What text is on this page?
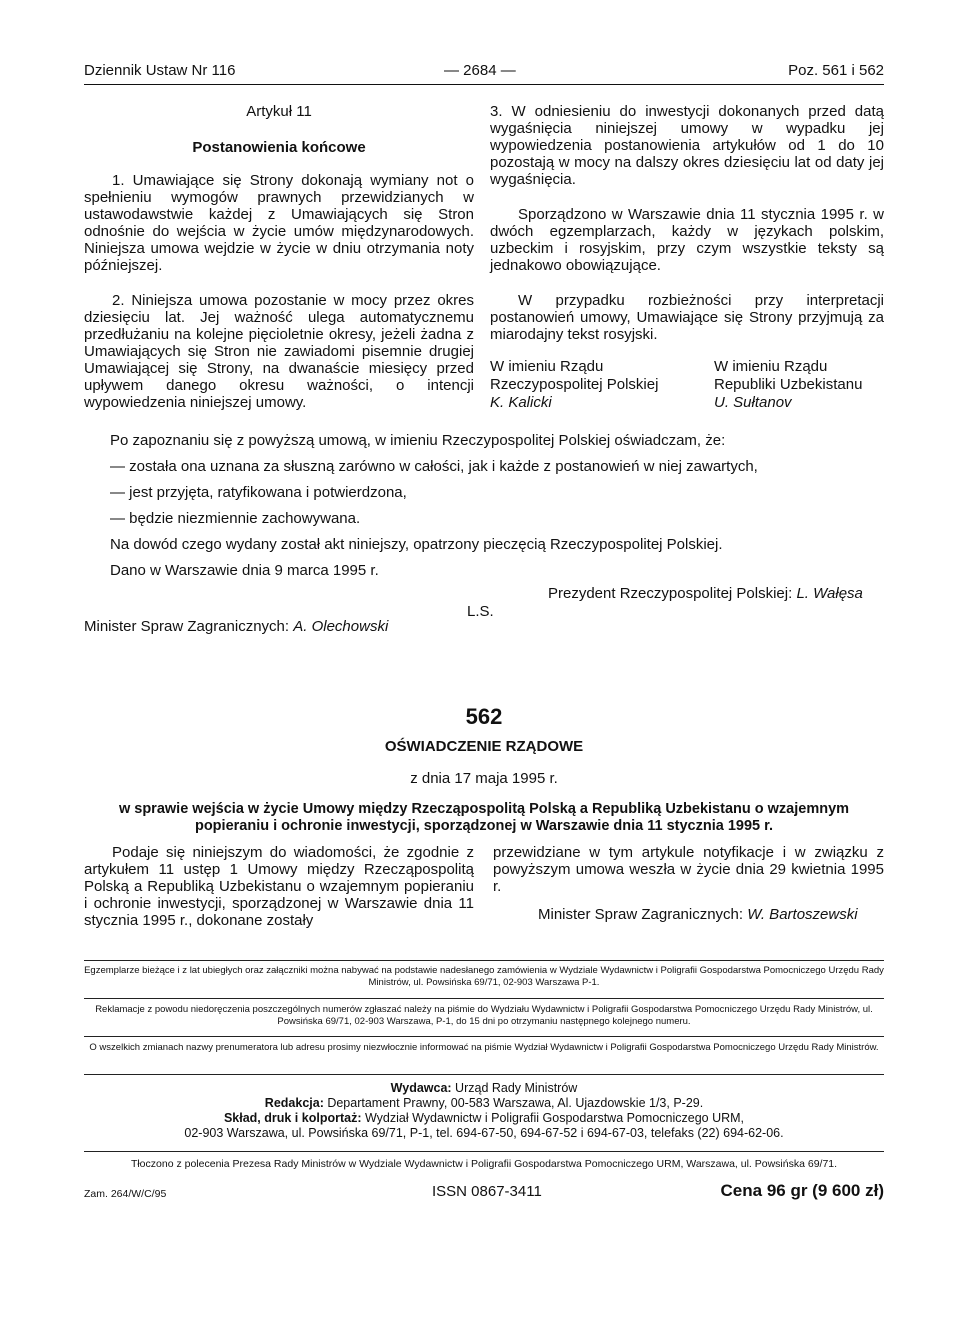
Dziennik Ustaw Nr 116	— 2684 —	Poz. 561 i 562

Artykuł 11

Postanowienia końcowe

1. Umawiające się Strony dokonają wymiany not o spełnieniu wymogów prawnych przewidzianych w ustawodawstwie każdej z Umawiających się Stron odnośnie do wejścia w życie umów międzynarodowych. Niniejsza umowa wejdzie w życie w dniu otrzymania noty późniejszej.

2. Niniejsza umowa pozostanie w mocy przez okres dziesięciu lat. Jej ważność ulega automatycznemu przedłużaniu na kolejne pięcioletnie okresy, jeżeli żadna z Umawiających się Stron nie zawiadomi pisemnie drugiej Umawiającej się Strony, na dwanaście miesięcy przed upływem danego okresu ważności, o intencji wypowiedzenia niniejszej umowy.

3. W odniesieniu do inwestycji dokonanych przed datą wygaśnięcia niniejszej umowy w wypadku jej wypowiedzenia postanowienia artykułów od 1 do 10 pozostają w mocy na dalszy okres dziesięciu lat od daty jej wygaśnięcia.

Sporządzono w Warszawie dnia 11 stycznia 1995 r. w dwóch egzemplarzach, każdy w językach polskim, uzbeckim i rosyjskim, przy czym wszystkie teksty są jednakowo obowiązujące.

W przypadku rozbieżności przy interpretacji postanowień umowy, Umawiające się Strony przyjmują za miarodajny tekst rosyjski.

W imieniu Rządu
Rzeczypospolitej Polskiej
K. Kalicki
W imieniu Rządu
Republiki Uzbekistanu
U. Sułtanov
Po zapoznaniu się z powyższą umową, w imieniu Rzeczypospolitej Polskiej oświadczam, że:
— została ona uznana za słuszną zarówno w całości, jak i każde z postanowień w niej zawartych,
— jest przyjęta, ratyfikowana i potwierdzona,
— będzie niezmiennie zachowywana.
Na dowód czego wydany został akt niniejszy, opatrzony pieczęcią Rzeczypospolitej Polskiej.
Dano w Warszawie dnia 9 marca 1995 r.
Prezydent Rzeczypospolitej Polskiej: L. Wałęsa
L.S.
Minister Spraw Zagranicznych: A. Olechowski
562
OŚWIADCZENIE RZĄDOWE
z dnia 17 maja 1995 r.
w sprawie wejścia w życie Umowy między Rzecząpospolitą Polską a Republiką Uzbekistanu o wzajemnym
popieraniu i ochronie inwestycji, sporządzonej w Warszawie dnia 11 stycznia 1995 r.

Podaje się niniejszym do wiadomości, że zgodnie z artykułem 11 ustęp 1 Umowy między Rzecząpospolitą Polską a Republiką Uzbekistanu o wzajemnym popieraniu i ochronie inwestycji, sporządzonej w Warszawie dnia 11 stycznia 1995 r., dokonane zostały

przewidziane w tym artykule notyfikacje i w związku z powyższym umowa weszła w życie dnia 29 kwietnia 1995 r.

Minister Spraw Zagranicznych: W. Bartoszewski
Egzemplarze bieżące i z lat ubiegłych oraz załączniki można nabywać na podstawie nadesłanego zamówienia w Wydziale Wydawnictw i Poligrafii Gospodarstwa Pomocniczego Urzędu Rady Ministrów, ul. Powsińska 69/71, 02-903 Warszawa P-1.
Reklamacje z powodu niedoręczenia poszczególnych numerów zgłaszać należy na piśmie do Wydziału Wydawnictw i Poligrafii Gospodarstwa Pomocniczego Urzędu Rady Ministrów, ul. Powsińska 69/71, 02-903 Warszawa, P-1, do 15 dni po otrzymaniu następnego kolejnego numeru.
O wszelkich zmianach nazwy prenumeratora lub adresu prosimy niezwłocznie informować na piśmie Wydział Wydawnictw i Poligrafii Gospodarstwa Pomocniczego Urzędu Rady Ministrów.
Wydawca: Urząd Rady Ministrów
Redakcja: Departament Prawny, 00-583 Warszawa, Al. Ujazdowskie 1/3, P-29.
Skład, druk i kolportaż: Wydział Wydawnictw i Poligrafii Gospodarstwa Pomocniczego URM,
02-903 Warszawa, ul. Powsińska 69/71, P-1, tel. 694-67-50, 694-67-52 i 694-67-03, telefaks (22) 694-62-06.
Tłoczono z polecenia Prezesa Rady Ministrów w Wydziale Wydawnictw i Poligrafii Gospodarstwa Pomocniczego URM, Warszawa, ul. Powsińska 69/71.
Zam. 264/W/C/95	ISSN 0867-3411	Cena 96 gr (9 600 zł)
